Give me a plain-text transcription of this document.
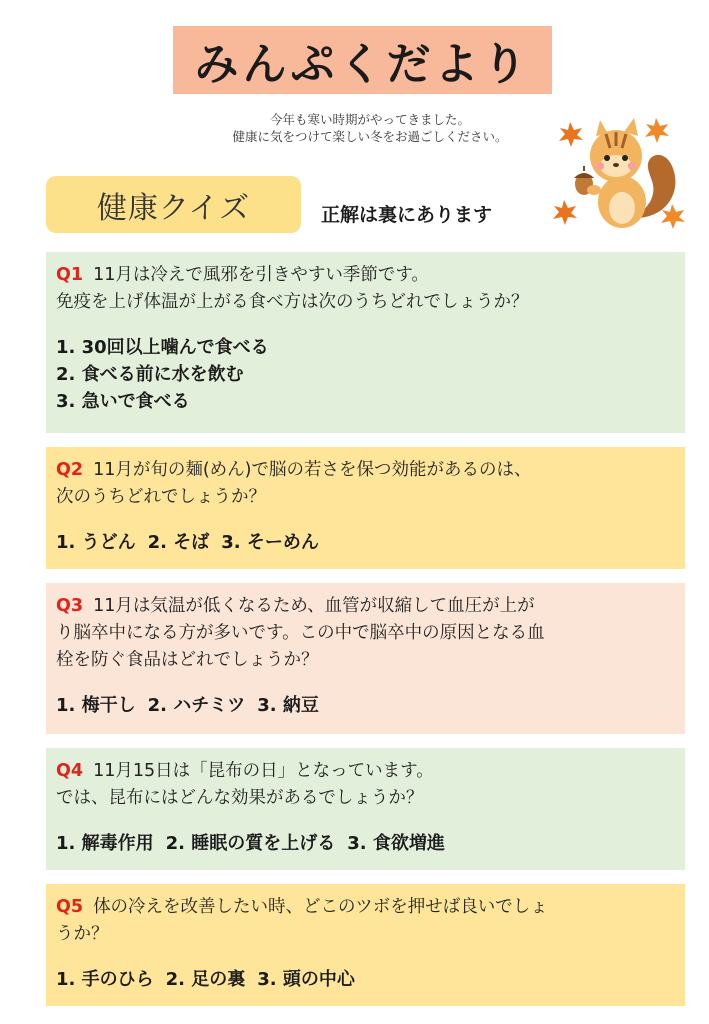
みんぷくだより
今年も寒い時期がやってきました。
健康に気をつけて楽しい冬をお過ごしください。
健康クイズ	正解は裏にあります
Q1 11月は冷えで風邪を引きやすい季節です。
免疫を上げ体温が上がる食べ方は次のうちどれでしょうか？
1. 30回以上噛んで食べる
2. 食べる前に水を飲む
3. 急いで食べる
Q2 11月が旬の麺(めん)で脳の若さを保つ効能があるのは、
次のうちどれでしょうか？
1. うどん 2. そば 3. そーめん
Q3 11月は気温が低くなるため、血管が収縮して血圧が上が
り脳卒中になる方が多いです。この中で脳卒中の原因となる血
栓を防ぐ食品はどれでしょうか？
1. 梅干し 2. ハチミツ 3. 納豆
Q4 11月15日は「昆布の日」となっています。
では、昆布にはどんな効果があるでしょうか？
1. 解毒作用 2. 睡眠の質を上げる 3. 食欲増進
Q5 体の冷えを改善したい時、どこのツボを押せば良いでしょ
うか？
1. 手のひら 2. 足の裏 3. 頭の中心
